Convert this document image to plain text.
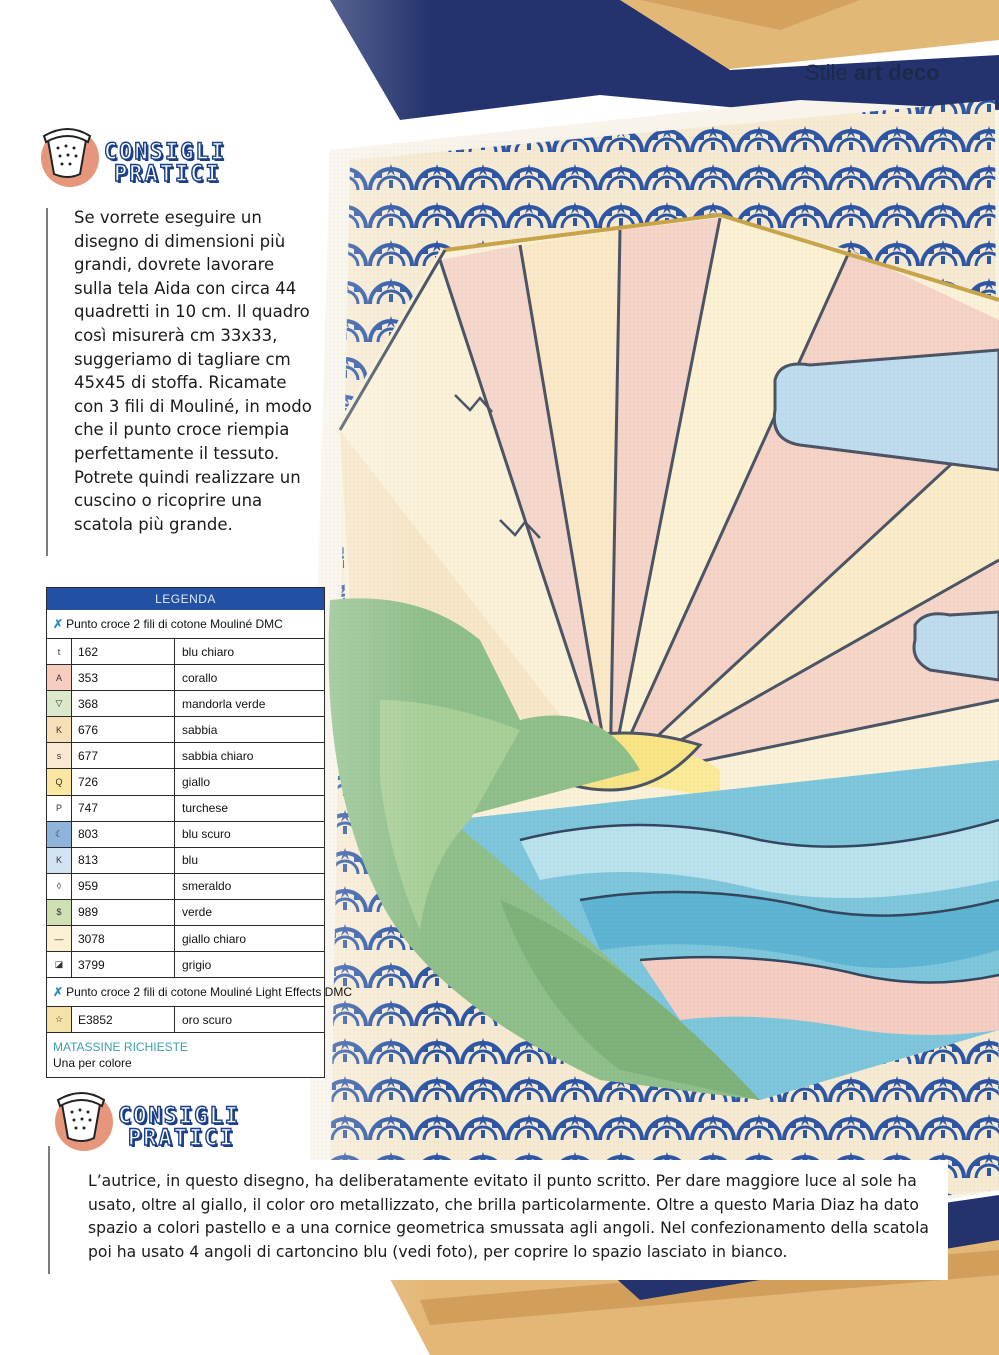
Stile art deco
CONSIGLI
PRATICI
Se vorrete eseguire un disegno di dimensioni più grandi, dovrete lavorare sulla tela Aida con circa 44 quadretti in 10 cm. Il quadro così misurerà cm 33x33, suggeriamo di tagliare cm 45x45 di stoffa. Ricamate con 3 fili di Mouliné, in modo che il punto croce riempia perfettamente il tessuto. Potrete quindi realizzare un cuscino o ricoprire una scatola più grande.
LEGENDA
✗ Punto croce 2 fili di cotone Mouliné DMC
t	162	blu chiaro
A	353	corallo
▽	368	mandorla verde
K	676	sabbia
s	677	sabbia chiaro
Q	726	giallo
P	747	turchese
☾	803	blu scuro
K	813	blu
◊	959	smeraldo
$	989	verde
—	3078	giallo chiaro
◪	3799	grigio
✗ Punto croce 2 fili di cotone Mouliné Light Effects DMC
☆	E3852	oro scuro
MATASSINE RICHIESTE
Una per colore
CONSIGLI
PRATICI
L’autrice, in questo disegno, ha deliberatamente evitato il punto scritto. Per dare maggiore luce al sole ha usato, oltre al giallo, il color oro metallizzato, che brilla particolarmente. Oltre a questo Maria Diaz ha dato spazio a colori pastello e a una cornice geometrica smussata agli angoli. Nel confezionamento della scatola poi ha usato 4 angoli di cartoncino blu (vedi foto), per coprire lo spazio lasciato in bianco.
